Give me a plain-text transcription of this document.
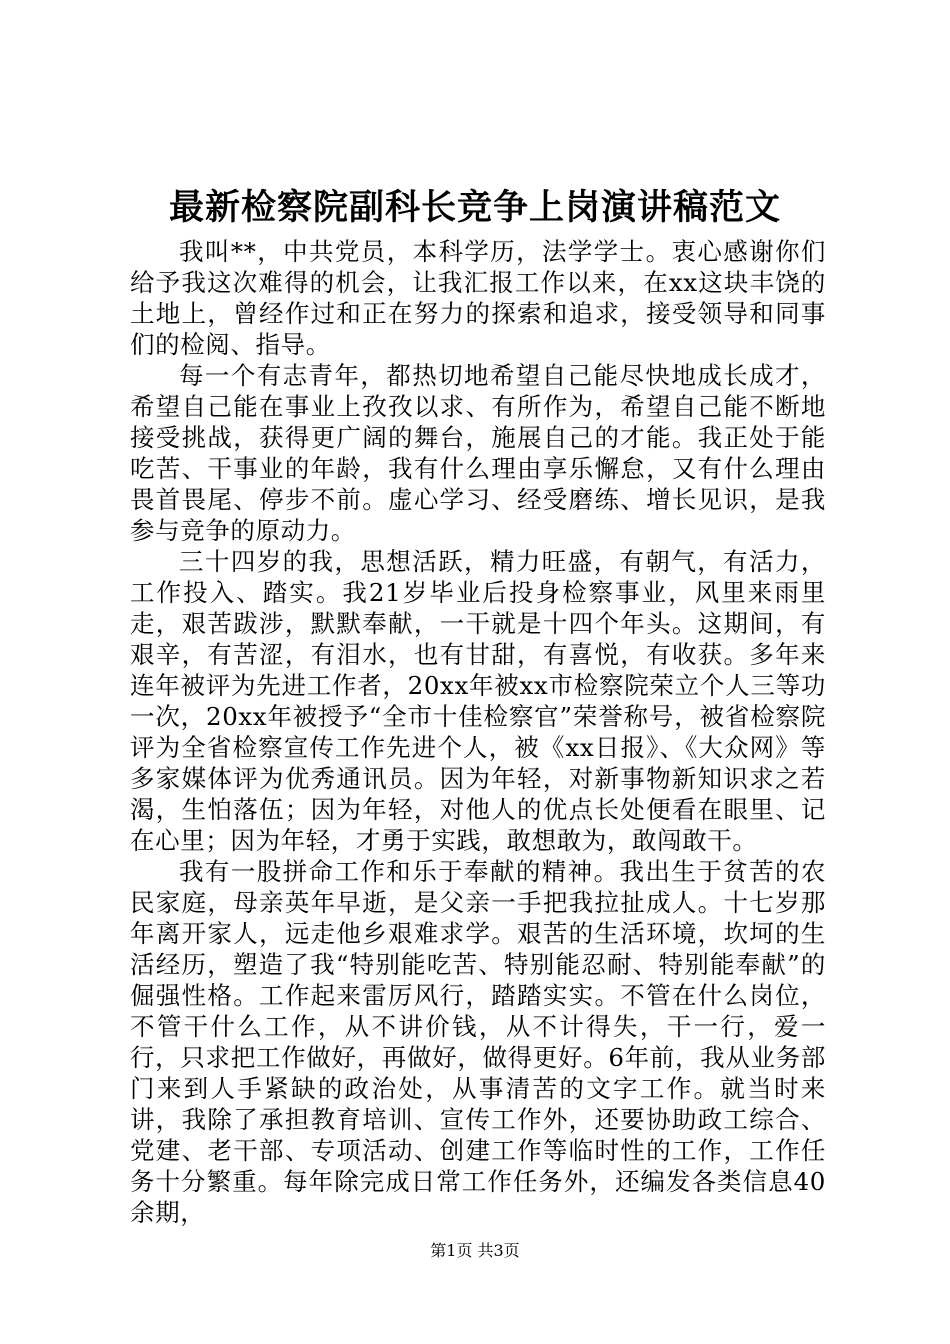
最新检察院副科长竞争上岗演讲稿范文

我叫**，中共党员，本科学历，法学学士。衷心感谢你们给予我这次难得的机会，让我汇报工作以来，在xx这块丰饶的土地上，曾经作过和正在努力的探索和追求，接受领导和同事们的检阅、指导。

每一个有志青年，都热切地希望自己能尽快地成长成才，希望自己能在事业上孜孜以求、有所作为，希望自己能不断地接受挑战，获得更广阔的舞台，施展自己的才能。我正处于能吃苦、干事业的年龄，我有什么理由享乐懈怠，又有什么理由畏首畏尾、停步不前。虚心学习、经受磨练、增长见识，是我参与竞争的原动力。

三十四岁的我，思想活跃，精力旺盛，有朝气，有活力，工作投入、踏实。我21岁毕业后投身检察事业，风里来雨里走，艰苦跋涉，默默奉献，一干就是十四个年头。这期间，有艰辛，有苦涩，有泪水，也有甘甜，有喜悦，有收获。多年来连年被评为先进工作者，20xx年被xx市检察院荣立个人三等功一次，20xx年被授予“全市十佳检察官”荣誉称号，被省检察院评为全省检察宣传工作先进个人，被《xx日报》、《大众网》等多家媒体评为优秀通讯员。因为年轻，对新事物新知识求之若渴，生怕落伍；因为年轻，对他人的优点长处便看在眼里、记在心里；因为年轻，才勇于实践，敢想敢为，敢闯敢干。

我有一股拼命工作和乐于奉献的精神。我出生于贫苦的农民家庭，母亲英年早逝，是父亲一手把我拉扯成人。十七岁那年离开家人，远走他乡艰难求学。艰苦的生活环境，坎坷的生活经历，塑造了我“特别能吃苦、特别能忍耐、特别能奉献”的倔强性格。工作起来雷厉风行，踏踏实实。不管在什么岗位，不管干什么工作，从不讲价钱，从不计得失，干一行，爱一行，只求把工作做好，再做好，做得更好。6年前，我从业务部门来到人手紧缺的政治处，从事清苦的文字工作。就当时来讲，我除了承担教育培训、宣传工作外，还要协助政工综合、党建、老干部、专项活动、创建工作等临时性的工作，工作任务十分繁重。每年除完成日常工作任务外，还编发各类信息40余期，

第1页 共3页
